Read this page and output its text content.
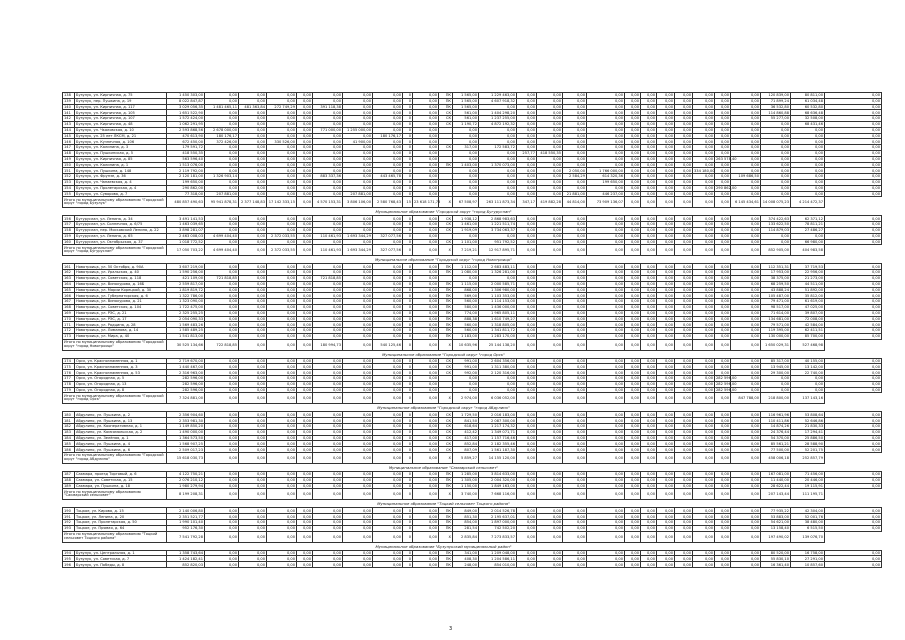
138	Бузулук, ул. Кирпичная, д. 75	1 450 303,00	0,00	0,00	0,00	0,00	0,00	0,00	0,00	0	0,00	ПК	1 565,00	1 229 463,00	0,00	0,00	0,00	0,00	0,00	0,00	0,00	0,00	0,00	0,00	0,00	120 839,00	80 811,00	0,00
139	Бузулук, пер. Пушкина, д. 19	8 022 847,87	0,00	0,00	0,00	0,00	0,00	0,00	0,00	0	0,00	ПК	1 565,00	4 607 918,32	0,00	0,00	0,00	0,00	0,00	0,00	0,00	0,00	0,00	0,00	0,00	71 899,24	61 034,48	0,00
140	Бузулук, ул. Кирпичная, д. 117	3 029 056,35	1 481 465,11	481 363,84	272 749,29	0,00	391 118,38	0,00	0,00	0	0,00	ПК	1 565,00	0,00	0,00	0,00	0,00	0,00	0,00	0,00	0,00	0,00	0,00	0,00	0,00	36 532,80	60 532,80	0,00
141	Бузулук, ул. Кирпичная, д. 105	1 651 522,90	0,00	0,00	0,00	0,00	0,00	0,00	0,00	0	0,00	СК	561,00	1 404 298,20	0,00	0,00	0,00	0,00	0,00	0,00	0,00	0,00	0,00	0,00	0,00	114 860,88	68 636,48	0,00
142	Бузулук, ул. Кирпичная, д. 107	1 572 424,00	0,00	0,00	0,00	0,00	0,00	0,00	0,00	0	0,00	СК	561,00	1 237 255,00	0,00	0,00	0,00	0,00	0,00	0,00	0,00	0,00	0,00	0,00	0,00	55 277,00	32 508,00	0,00
143	Бузулук, ул. Кирпичная, д. 48	1 062 291,95	0,00	0,00	0,00	0,00	0,00	0,00	0,00	0	0,00	СК	1 190,72	4 872 192,32	0,00	0,00	0,00	0,00	0,00	0,00	0,00	0,00	0,00	0,00	0,00	0,00	68 431,46	0,00
144	Бузулук, ул. Чкаловская, д. 10	2 593 868,56	2 678 000,00	0,00	0,00	0,00	771 000,00	1 255 000,00	0,00	0	0,00		0,00	0,00	0,00	0,00	0,00	0,00	0,00	0,00	0,00	0,00	0,00	0,00	0,00	0,00	0,00	0,00
145	Бузулук, ул. 25 лет ЛКСМ, д. 21	470 613,90	180 176,17	0,00	0,00	0,00	0,00	0,00	180 176,17	0	0,00		0,00	0,00	0,00	0,00	0,00	0,00	0,00	0,00	0,00	0,00	0,00	0,00	0,00	0,00	0,00	0,00
146	Бузулук, ул. Кузнечная, д. 106	672 450,00	372 426,00	0,00	330 526,00	0,00	0,00	41 900,00	0,00	0	0,00		0,00	0,00	0,00	0,00	0,00	0,00	0,00	0,00	0,00	0,00	0,00	0,00	0,00	0,00	0,00	0,00
147	Бузулук, ул. Калинина, д. 3	179 591,72	0,00	0,00	0,00	0,00	0,00	0,00	0,00	0	0,00	СК	317,00	172 583,72	0,00	0,00	0,00	0,00	0,00	0,00	0,00	0,00	0,00	0,00	0,00	0,00	0,00	0,00
148	Бузулук, ул. Пушкинская, д. 5	418 550,35	0,00	0,00	0,00	0,00	0,00	0,00	0,00	0	0,00		0,00	0,00	257,77	418 550,35	0,00	0,00	0,00	0,00	0,00	0,00	0,00	0,00	0,00	0,00	0,00	0,00
149	Бузулук, ул. Кирпичная, д. 85	563 596,40	0,00	0,00	0,00	0,00	0,00	0,00	0,00	0	0,00		0,00	0,00	0,00	0,00	0,00	0,00	0,00	0,00	0,00	0,00	0,00	263 578,40	0,00	0,00	0,00	0,00
150	Бузулук, ул. Калинина, д. 1	1 513 076,00	0,00	0,00	0,00	0,00	0,00	0,00	0,00	0	0,00	ПК	1 403,00	1 370 073,00	0,00	0,00	0,00	0,00	0,00	0,00	0,00	0,00	0,00	0,00	0,00	0,00	0,00	0,00
151	Бузулук, ул. Пушкина, д. 148	2 119 792,00	0,00	0,00	0,00	0,00	0,00	0,00	0,00	0	0,00		0,00	0,00	0,00	0,00	2 050,00	1 766 000,00	0,00	0,00	0,00	0,00	334 180,00	0,00	0,00	0,00	0,00	0,00
152	Бузулук, ул. Фрунзе, д. 36	2 120 181,00	1 326 903,14	0,00	0,00	0,00	883 337,36	0,00	443 465,78	0	0,00		0,00	0,00	0,00	0,00	2 584,29	614 320,36	0,00	0,00	0,00	0,00	0,00	0,00	109 686,50	0,00	0,00	0,00
153	Бузулук, ул. Чапаевская, д. 4	199 650,00	0,00	0,00	0,00	0,00	0,00	0,00	0,00	0	0,00		0,00	0,00	0,00	0,00	0,00	199 650,00	0,00	0,00	0,00	0,00	0,00	0,00	0,00	0,00	0,00	0,00
154	Бузулук, ул. Пролетарская, д. 4	290 862,00	0,00	0,00	0,00	0,00	0,00	0,00	0,00	0	0,00		0,00	0,00	0,00	0,00	0,00	0,00	0,00	0,00	0,00	0,00	0,00	290 862,00	0,00	0,00	0,00	0,00
155	Бузулук, ул. Суворова, д. 7	77 318,00	207 881,00	0,00	0,00	0,00	0,00	207 881,00	0,00	0	0,00		0,00	0,00	0,00	0,00	21 881,00	446 237,00	0,00	0,00	0,00	0,00	0,00	0,00	0,00	0,00	0,00	0,00
Итого по муниципальному образованию "Городской округ "город Бузулук"		480 857 490,63	95 941 878,31	2 377 148,83	17 142 333,15	0,00	4 570 153,31	3 806 106,00	2 580 768,43	15	23 618 171,73	Х	67 508,97	263 111 873,34	347,17	419 882,28	44 814,00	73 909 136,07	0,00	0,00	0,00	0,00	0,00	0,00	6 145 434,61	14 008 075,23	4 214 472,37	
Муниципальное образование "Городской округ "город Бугуруслан"																												
156	Бугуруслан, ул. Ленина, д. 34	3 491 141,53	0,00	0,00	0,00	0,00	0,00	0,00	0,00	0	0,00	СК	1 938,12	2 868 983,63	0,00	0,00	0,00	0,00	0,00	0,00	0,00	0,00	0,00	0,00	0,00	374 422,63	62 371,12	0,00
157	Бугуруслан, ул. Солнечная, д. 6/75	1 463 039,65	0,00	0,00	0,00	0,00	0,00	0,00	0,00	0	0,00	СК	1 461,00	1 221 511,74	0,00	0,00	0,00	0,00	0,00	0,00	0,00	0,00	0,00	0,00	0,00	133 622,50	78 811,21	0,00
158	Бугуруслан, пер. Московский Ленина, д. 22	3 898 281,07	0,00	0,00	0,00	0,00	0,00	0,00	0,00	0	0,00	СК	1 919,09	3 734 063,37	0,00	0,00	0,00	0,00	0,00	0,00	0,00	0,00	0,00	0,00	0,00	114 879,03	27 486,27	0,00
159	Бугуруслан, ул. Ленина, д. 65	2 463 008,03	4 699 404,40	0,00	2 372 033,55	0,00	110 461,93	1 693 344,29	327 077,56	0	0,00		0,00	0,00	0,00	0,00	0,00	0,00	0,00	0,00	0,00	0,00	0,00	0,00	0,00	0,00	0,00	0,00
160	Бугуруслан, ул. Октябрьская, д. 37	1 018 772,52	0,00	0,00	0,00	0,00	0,00	0,00	0,00	0	0,00	СК	1 101,00	951 792,52	0,00	0,00	0,00	0,00	0,00	0,00	0,00	0,00	0,00	0,00	0,00	0,00	66 980,00	0,00
Итого по муниципальному образованию "Городской округ "город Бугуруслан"		17 050 703,22	4 699 404,40	0,00	2 372 033,55	0,00	110 461,93	1 693 344,29	327 077,56	0	0,00	Х	7 219,21	12 917 895,71	0,00	0,00	0,00	0,00	0,00	0,00	0,00	0,00	0,00	0,00	0,00	852 905,00	404 983,58	
Муниципальное образование "Городской округ "город Новотроицк"																												
161	Новотроицк, ул. 50 Октября, д. 90А	3 607 219,00	0,00	0,00	0,00	0,00	0,00	0,00	0,00	0	0,00	ПК	1 112,00	2 683 483,11	0,00	0,00	0,00	0,00	0,00	0,00	0,00	0,00	0,00	0,00	0,00	112 351,31	37 719,53	0,00
162	Новотроицк, ул. Уральская, д. 40	1 590 256,00	0,00	0,00	0,00	0,00	0,00	0,00	0,00	0	0,00	ПК	1 080,00	1 326 281,00	0,00	0,00	0,00	0,00	0,00	0,00	0,00	0,00	0,00	0,00	0,00	17 953,00	22 956,00	0,00
163	Новотроицк, ул. Советская, д. 118	421 109,00	721 818,85	0,00	0,00	0,00	721 818,85	0,00	0,00	0	0,00		0,00	0,00	0,00	0,00	0,00	0,00	0,00	0,00	0,00	0,00	0,00	0,00	0,00	38 375,00	21 273,00	0,00
164	Новотроицк, ул. Винокурова, д. 16Б	2 559 817,00	0,00	0,00	0,00	0,00	0,00	0,00	0,00	0	0,00	ПК	1 115,00	2 000 585,71	0,00	0,00	0,00	0,00	0,00	0,00	0,00	0,00	0,00	0,00	0,00	68 259,50	44 511,00	0,00
165	Новотроицк, ул. Марии Корецкой, д. 30	1 819 819,72	0,00	0,00	0,00	0,00	0,00	0,00	0,00	0	0,00	ПК	868,00	1 306 980,00	0,00	0,00	0,00	0,00	0,00	0,00	0,00	0,00	0,00	0,00	0,00	43 888,24	51 892,00	0,00
166	Новотроицк, ул. Губернаторская, д. 6	1 322 786,00	0,00	0,00	0,00	0,00	0,00	0,00	0,00	0	0,00	ПК	569,00	1 103 353,00	0,00	0,00	0,00	0,00	0,00	0,00	0,00	0,00	0,00	0,00	0,00	105 487,00	35 812,00	0,00
167	Новотроицк, ул. Винокурова, д. 21	1 323 090,00	0,00	0,00	0,00	0,00	0,00	0,00	0,00	0	0,00	ПК	560,00	1 114 153,00	0,00	0,00	0,00	0,00	0,00	0,00	0,00	0,00	0,00	0,00	0,00	79 471,00	61 619,00	0,00
168	Новотроицк, ул. Советская, д. 104	1 722 475,00	0,00	0,00	0,00	0,00	0,00	0,00	0,00	0	0,00	ПК	580,00	1 436 000,00	0,00	0,00	0,00	0,00	0,00	0,00	0,00	0,00	0,00	0,00	0,00	98 517,00	47 025,00	0,00
169	Новотроицк, ул. РЭС, д. 21	2 325 255,25	0,00	0,00	0,00	0,00	0,00	0,00	0,00	0	0,00	ПК	774,00	1 965 805,11	0,00	0,00	0,00	0,00	0,00	0,00	0,00	0,00	0,00	0,00	0,00	71 614,00	39 807,00	0,00
170	Новотроицк, ул. РЭС, д. 17	2 054 090,33	0,00	0,00	0,00	0,00	0,00	0,00	0,00	0	0,00	ПК	888,38	1 610 749,27	0,00	0,00	0,00	0,00	0,00	0,00	0,00	0,00	0,00	0,00	0,00	134 681,00	72 008,00	0,00
171	Новотроицк, ул. Родцина, д. 28	1 569 483,26	0,00	0,00	0,00	0,00	0,00	0,00	0,00	0	0,00	ПК	560,00	1 318 805,00	0,00	0,00	0,00	0,00	0,00	0,00	0,00	0,00	0,00	0,00	0,00	79 571,00	42 584,00	0,00
172	Новотроицк, ул. Лиманова, д. 14	1 585 489,25	0,00	0,00	0,00	0,00	0,00	0,00	0,00	0	0,00	ПК	560,00	1 341 811,72	0,00	0,00	0,00	0,00	0,00	0,00	0,00	0,00	0,00	0,00	0,00	119 395,00	62 411,51	0,00
173	Новотроицк, ул. Мира, д. 40	1 541 813,00	0,00	0,00	0,00	0,00	0,00	0,00	0,00	0	0,00	ПК	1 183,00	1 283 170,00	0,00	0,00	0,00	0,00	0,00	0,00	0,00	0,00	0,00	0,00	0,00	130 000,00	85 700,00	0,00
Итого по муниципальному образованию "Городской округ "город Новотроицк"		30 525 134,66	722 818,85	0,00	0,00	0,00	180 994,73	0,00	540 125,46	0	0,00	Х	10 635,96	25 144 138,20	0,00	0,00	0,00	0,00	0,00	0,00	0,00	0,00	0,00	0,00	0,00	1 650 029,31	527 468,98	
Муниципальное образование "Городской округ "город Орск"																												
174	Орск, ул. Краснознаменная, д. 1	2 719 670,00	0,00	0,00	0,00	0,00	0,00	0,00	0,00	0	0,00	СК	991,00	2 604 356,00	0,00	0,00	0,00	0,00	0,00	0,00	0,00	0,00	0,00	0,00	0,00	85 317,00	40 155,00	0,00
175	Орск, ул. Краснознаменная, д. 3	1 440 467,00	0,00	0,00	0,00	0,00	0,00	0,00	0,00	0	0,00	СК	991,00	1 311 380,00	0,00	0,00	0,00	0,00	0,00	0,00	0,00	0,00	0,00	0,00	0,00	13 945,00	13 142,00	0,00
176	Орск, ул. Краснознаменная, д. 53	2 316 963,00	0,00	0,00	0,00	0,00	0,00	0,00	0,00	0	0,00	СК	992,00	2 120 316,00	0,00	0,00	0,00	0,00	0,00	0,00	0,00	0,00	0,00	0,00	0,00	29 300,00	22 740,00	0,00
177	Орск, ул. Огородная, д. 5	282 596,00	0,00	0,00	0,00	0,00	0,00	0,00	0,00	0	0,00		0,00	0,00	0,00	0,00	0,00	0,00	0,00	0,00	0,00	0,00	0,00	282 596,00	0,00	0,00	0,00	0,00
178	Орск, ул. Огородная, д. 13	282 596,00	0,00	0,00	0,00	0,00	0,00	0,00	0,00	0	0,00		0,00	0,00	0,00	0,00	0,00	0,00	0,00	0,00	0,00	0,00	0,00	282 596,00	0,00	0,00	0,00	0,00
179	Орск, ул. Огородная, д. 8	282 596,00	0,00	0,00	0,00	0,00	0,00	0,00	0,00	0	0,00		0,00	0,00	0,00	0,00	0,00	0,00	0,00	0,00	0,00	0,00	0,00	282 596,00	0,00	0,00	0,00	0,00
Итого по муниципальному образованию "Городской округ "город Орск"		7 324 881,00	0,00	0,00	0,00	0,00	0,00	0,00	0,00	0	0,00	Х	2 974,00	6 036 052,00	0,00	0,00	0,00	0,00	0,00	0,00	0,00	0,00	0,00	0,00	847 788,00	218 800,00	137 143,16	
Муниципальное образование "Городской округ "город Абдулино"																												
180	Абдулино, ул. Пушкина, д. 2	2 356 904,60	0,00	0,00	0,00	0,00	0,00	0,00	0,00	0	0,00	СК	1 729,50	2 016 183,00	0,00	0,00	0,00	0,00	0,00	0,00	0,00	0,00	0,00	0,00	0,00	116 961,96	53 808,64	0,00
181	Абдулино, ул. Пушкина, д. 13	2 353 981,30	0,00	0,00	0,00	0,00	0,00	0,00	0,00	0	0,00	СК	841,50	2 087 300,00	0,00	0,00	0,00	0,00	0,00	0,00	0,00	0,00	0,00	0,00	0,00	110 411,86	52 646,86	0,00
182	Абдулино, ул. Кооперативная, д. 1	1 149 850,20	0,00	0,00	0,00	0,00	0,00	0,00	0,00	0	0,00	СК	618,64	1 217 174,32	0,00	0,00	0,00	0,00	0,00	0,00	0,00	0,00	0,00	0,00	0,00	14 874,26	21 830,33	0,00
183	Абдулино, ул. Комсомольская, д. 2	1 490 000,00	0,00	0,00	0,00	0,00	0,00	0,00	0,00	0	0,00	СК	412,42	1 349 071,71	0,00	0,00	0,00	0,00	0,00	0,00	0,00	0,00	0,00	0,00	0,00	24 376,44	17 294,41	0,00
184	Абдулино, ул. Зелёная, д. 1	1 364 573,50	0,00	0,00	0,00	0,00	0,00	0,00	0,00	0	0,00	СК	417,00	1 157 716,46	0,00	0,00	0,00	0,00	0,00	0,00	0,00	0,00	0,00	0,00	0,00	54 370,00	25 886,50	0,00
185	Абдулино, ул. Пушкина, д. 4	1 568 907,25	0,00	0,00	0,00	0,00	0,00	0,00	0,00	0	0,00	СК	852,84	2 182 355,46	0,00	0,00	0,00	0,00	0,00	0,00	0,00	0,00	0,00	0,00	0,00	85 561,21	28 588,90	0,00
186	Абдулино, ул. Пушкина, д. 6	2 509 017,23	0,00	0,00	0,00	0,00	0,00	0,00	0,00	0	0,00	СК	807,09	1 561 187,30	0,00	0,00	0,00	0,00	0,00	0,00	0,00	0,00	0,00	0,00	0,00	77 500,00	52 201,75	0,00
Итого по муниципальному образованию "Городской округ "город Абдулино"		15 618 030,73	0,00	0,00	0,00	0,00	0,00	0,00	0,00	0	0,00	Х	5 859,27	14 155 120,00	0,00	0,00	0,00	0,00	0,00	0,00	0,00	0,00	0,00	0,00	0,00	458 006,18	252 857,79	
Муниципальное образование "Сакмарский сельсовет"																												
187	Сакмара, проезд Торговый, д. 6	4 122 750,21	0,00	0,00	0,00	0,00	0,00	0,00	0,00	0	0,00	ПК	1 285,00	3 814 633,00	0,00	0,00	0,00	0,00	0,00	0,00	0,00	0,00	0,00	0,00	0,00	167 081,00	71 456,00	0,00
188	Сакмара, ул. Советская, д. 15	2 076 210,12	0,00	0,00	0,00	0,00	0,00	0,00	0,00	0	0,00	ПК	1 305,00	2 004 320,00	0,00	0,00	0,00	0,00	0,00	0,00	0,00	0,00	0,00	0,00	0,00	11 440,00	20 446,00	0,00
189	Сакмара, ул. Пушкина, д. 18	1 980 279,94	0,00	0,00	0,00	0,00	0,00	0,00	0,00	0	0,00	ПК	1 150,00	1 849 163,00	0,00	0,00	0,00	0,00	0,00	0,00	0,00	0,00	0,00	0,00	0,00	28 622,44	19 115,91	0,00
Итого по муниципальному образованию "Сакмарский сельсовет"		8 199 208,31	0,00	0,00	0,00	0,00	0,00	0,00	0,00	0	0,00	Х	3 740,00	7 668 116,00	0,00	0,00	0,00	0,00	0,00	0,00	0,00	0,00	0,00	0,00	0,00	207 143,44	111 195,71	
Муниципальное образование "Тоцкий сельсовет Тоцкого района"																												
190	Тоцкое, ул. Кирова, д. 15	2 140 006,80	0,00	0,00	0,00	0,00	0,00	0,00	0,00	0	0,00	ПК	849,00	2 014 526,78	0,00	0,00	0,00	0,00	0,00	0,00	0,00	0,00	0,00	0,00	0,00	77 935,22	42 304,00	0,00
191	Тоцкое, ул. Ленина, д. 20	2 351 521,77	0,00	0,00	0,00	0,00	0,00	0,00	0,00	0	0,00	ПК	851,30	2 195 637,01	0,00	0,00	0,00	0,00	0,00	0,00	0,00	0,00	0,00	0,00	0,00	53 883,00	52 001,76	0,00
192	Тоцкое, ул. Пролетарская, д. 50	1 990 101,40	0,00	0,00	0,00	0,00	0,00	0,00	0,00	0	0,00	ПК	854,00	1 897 000,00	0,00	0,00	0,00	0,00	0,00	0,00	0,00	0,00	0,00	0,00	0,00	54 621,00	38 480,00	0,00
193	Тоцкое, ул. Прямая, д. 64	952 176,30	0,00	0,00	0,00	0,00	0,00	0,00	0,00	0	0,00	ПК	281,54	742 502,20	0,00	0,00	0,00	0,00	0,00	0,00	0,00	0,00	0,00	0,00	0,00	13 158,40	6 515,50	0,00
Итого по муниципальному образованию "Тоцкий сельсовет Тоцкого района"		7 541 792,28	0,00	0,00	0,00	0,00	0,00	0,00	0,00	0	0,00	Х	2 835,84	7 273 833,57	0,00	0,00	0,00	0,00	0,00	0,00	0,00	0,00	0,00	0,00	0,00	197 490,02	139 076,70	
Муниципальное образование "Бузулукский муниципальный район"																												
194	Бузулук, ул. Центральная, д. 1	1 358 743,64	0,00	0,00	0,00	0,00	0,00	0,00	0,00	0	0,00	ПК	341,00	1 209 048,00	0,00	0,00	0,00	0,00	0,00	0,00	0,00	0,00	0,00	0,00	0,00	80 520,00	16 758,00	0,00
195	Бузулук, ул. Советская, д. 7	1 424 182,41	0,00	0,00	0,00	0,00	0,00	0,00	0,00	0	0,00	ПК	408,30	1 204 586,11	0,00	0,00	0,00	0,00	0,00	0,00	0,00	0,00	0,00	0,00	0,00	55 830,10	27 291,00	0,00
196	Бузулук, ул. Победы, д. 8	852 820,03	0,00	0,00	0,00	0,00	0,00	0,00	0,00	0	0,00	ПК	248,00	854 010,00	0,00	0,00	0,00	0,00	0,00	0,00	0,00	0,00	0,00	0,00	0,00	16 361,40	10 857,60	0,00
3
